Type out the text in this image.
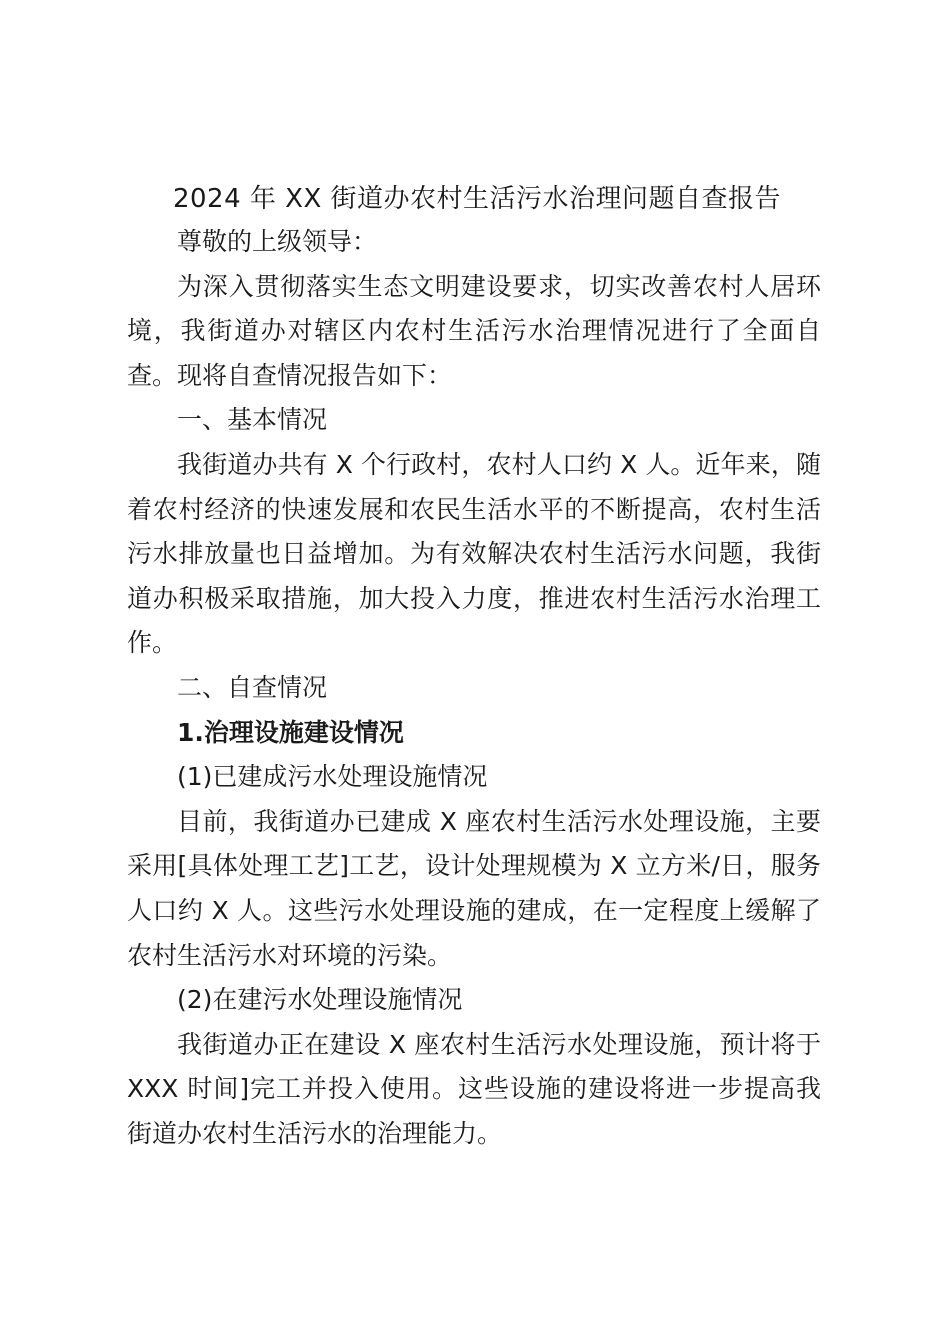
2024 年 XX 街道办农村生活污水治理问题自查报告

尊敬的上级领导：

为深入贯彻落实生态文明建设要求，切实改善农村人居环境，我街道办对辖区内农村生活污水治理情况进行了全面自查。现将自查情况报告如下：

一、基本情况

我街道办共有 X 个行政村，农村人口约 X 人。近年来，随着农村经济的快速发展和农民生活水平的不断提高，农村生活污水排放量也日益增加。为有效解决农村生活污水问题，我街道办积极采取措施，加大投入力度，推进农村生活污水治理工作。

二、自查情况

1.治理设施建设情况

(1)已建成污水处理设施情况

目前，我街道办已建成 X 座农村生活污水处理设施，主要采用[具体处理工艺]工艺，设计处理规模为 X 立方米/日，服务人口约 X 人。这些污水处理设施的建成，在一定程度上缓解了农村生活污水对环境的污染。

(2)在建污水处理设施情况

我街道办正在建设 X 座农村生活污水处理设施，预计将于XXX 时间]完工并投入使用。这些设施的建设将进一步提高我街道办农村生活污水的治理能力。
